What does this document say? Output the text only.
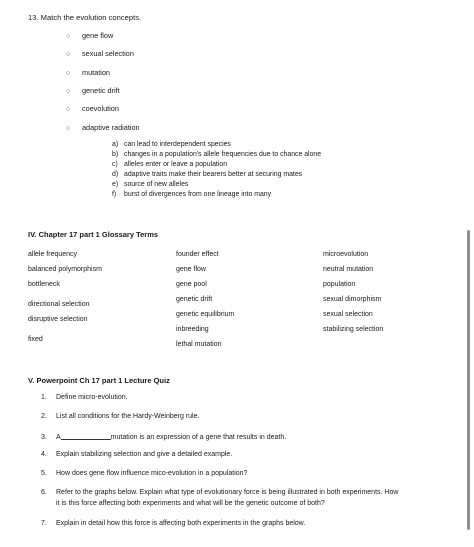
13. Match the evolution concepts.
○ gene flow
○ sexual selection
○ mutation
○ genetic drift
○ coevolution
○ adaptive radiation
a) can lead to interdependent species
b) changes in a population's allele frequencies due to chance alone
c) alleles enter or leave a population
d) adaptive traits make their bearers better at securing mates
e) source of new alleles
f) burst of divergences from one lineage into many
IV. Chapter 17 part 1 Glossary Terms
allele frequency
balanced polymorphism
bottleneck
directional selection
disruptive selection
fixed
founder effect
gene flow
gene pool
genetic drift
genetic equilibrium
inbreeding
lethal mutation
microevolution
neutral mutation
population
sexual dimorphism
sexual selection
stabilizing selection
V. Powerpoint Ch 17 part 1 Lecture Quiz
1. Define micro-evolution.
2. List all conditions for the Hardy-Weinberg rule.
3. A	mutation is an expression of a gene that results in death.
4. Explain stabilizing selection and give a detailed example.
5. How does gene flow influence mico-evolution in a population?
6. Refer to the graphs below. Explain what type of evolutionary force is being illustrated in both experiments. How
it is this force affecting both experiments and what will be the genetic outcome of both?
7. Explain in detail how this force is affecting both experiments in the graphs below.
